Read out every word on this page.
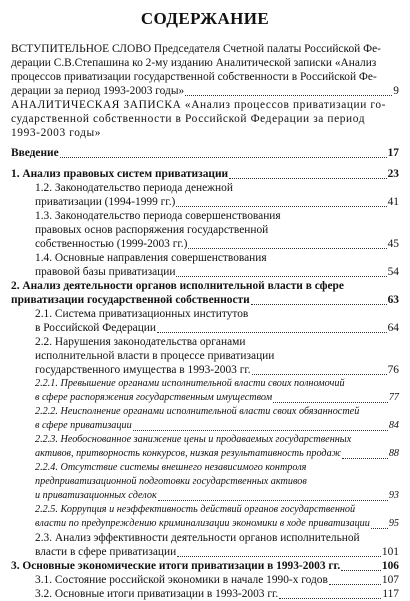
СОДЕРЖАНИЕ
ВСТУПИТЕЛЬНОЕ СЛОВО Председателя Счетной палаты Российской Фе-
дерации С.В.Степашина ко 2-му изданию Аналитической записки «Анализ
процессов приватизации государственной собственности в Российской Фе-
дерации за период 1993-2003 годы»	9
АНАЛИТИЧЕСКАЯ ЗАПИСКА «Анализ процессов приватизации го-
сударственной собственности в Российской Федерации за период
1993-2003 годы»
Введение	17
1. Анализ правовых систем приватизации	23
1.2. Законодательство периода денежной
приватизации (1994-1999 гг.)	41
1.3. Законодательство периода совершенствования
правовых основ распоряжения государственной
собственностью (1999-2003 гг.)	45
1.4. Основные направления совершенствования
правовой базы приватизации	54
2. Анализ деятельности органов исполнительной власти в сфере
приватизации государственной собственности	63
2.1. Система приватизационных институтов
в Российской Федерации	64
2.2. Нарушения законодательства органами
исполнительной власти в процессе приватизации
государственного имущества в 1993-2003 гг.	76
2.2.1. Превышение органами исполнительной власти своих полномочий
в сфере распоряжения государственным имуществом	77
2.2.2. Неисполнение органами исполнительной власти своих обязанностей
в сфере приватизации	84
2.2.3. Необоснованное занижение цены и продаваемых государственных
активов, притворность конкурсов, низкая результативность продаж	88
2.2.4. Отсутствие системы внешнего независимого контроля
предприватизационной подготовки государственных активов
и приватизационных сделок	93
2.2.5. Коррупция и неэффективность действий органов государственной
власти по предупреждению криминализации экономики в ходе приватизации 95
2.3. Анализ эффективности деятельности органов исполнительной
власти в сфере приватизации	101
3. Основные экономические итоги приватизации в 1993-2003 гг.	106
3.1. Состояние российской экономики в начале 1990-х годов	107
3.2. Основные итоги приватизации в 1993-2003 гг.	117
